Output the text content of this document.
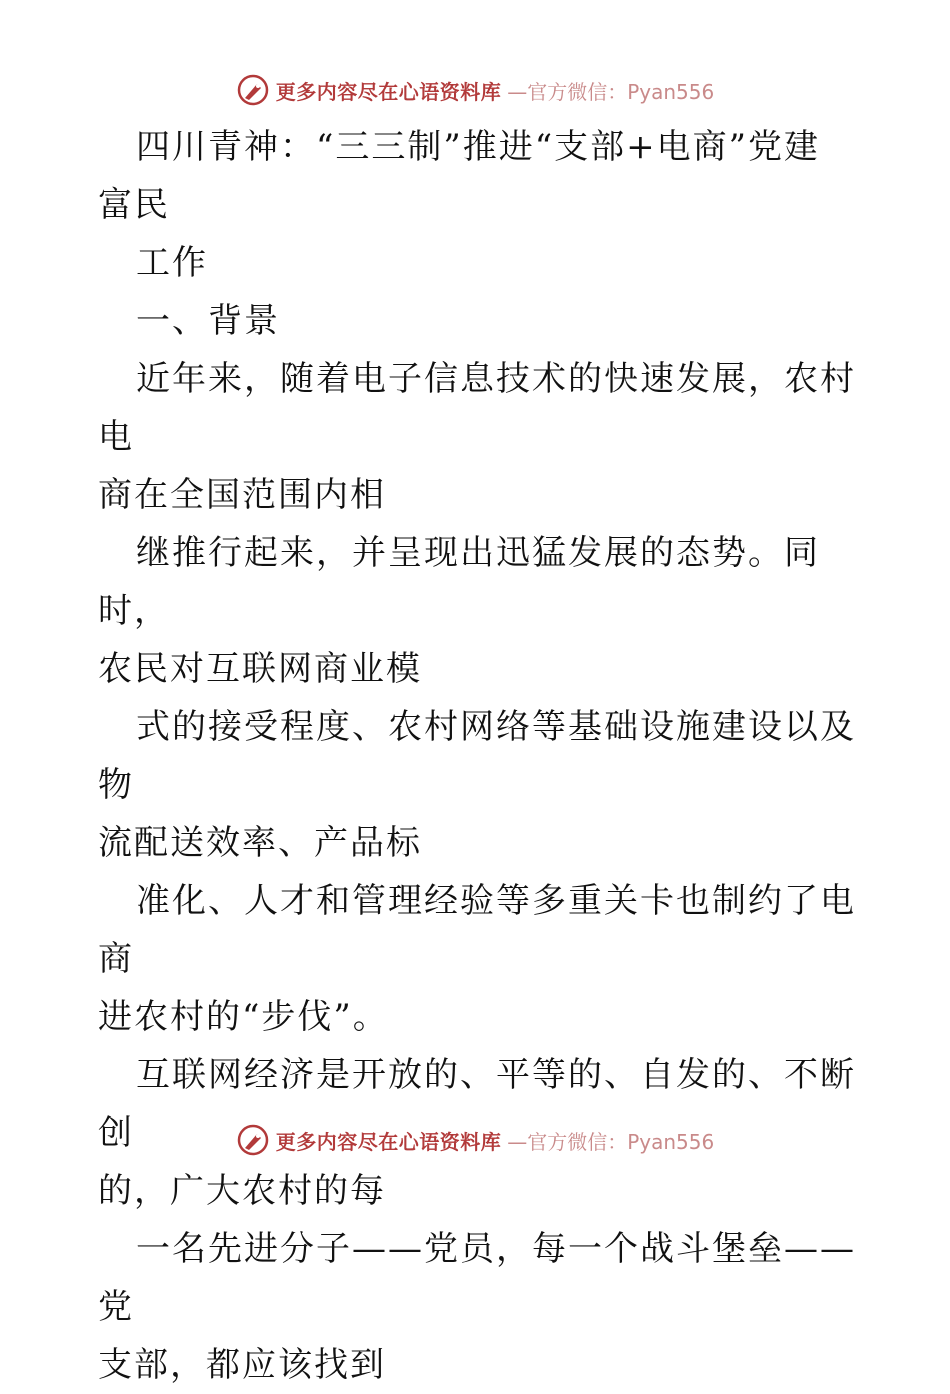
更多内容尽在心语资料库 —官方微信：Pyan556

四川青神：“三三制”推进“支部+电商”党建
富民

工作

一、背景

近年来，随着电子信息技术的快速发展，农村电
商在全国范围内相

继推行起来，并呈现出迅猛发展的态势。同时，
农民对互联网商业模

式的接受程度、农村网络等基础设施建设以及物
流配送效率、产品标

准化、人才和管理经验等多重关卡也制约了电商
进农村的“步伐”。

互联网经济是开放的、平等的、自发的、不断创
的，广大农村的每

一名先进分子——党员，每一个战斗堡垒——党
支部，都应该找到

更多内容尽在心语资料库 —官方微信：Pyan556
